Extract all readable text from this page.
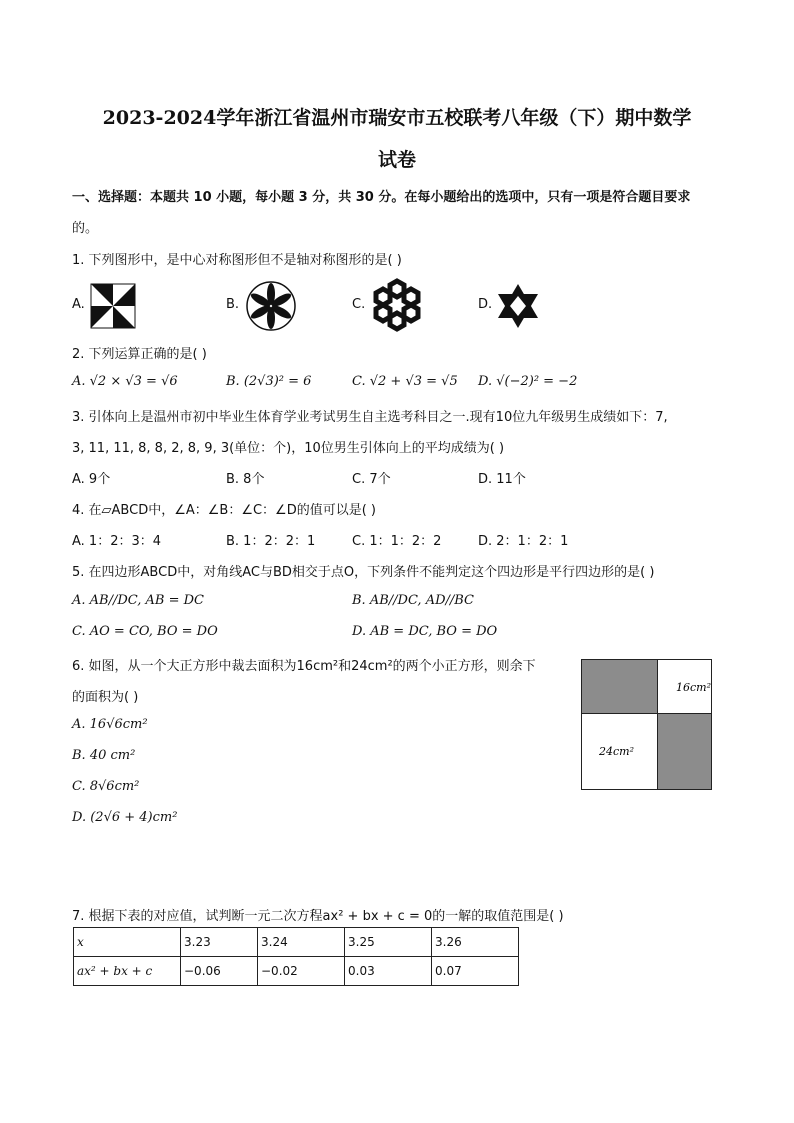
2023-2024学年浙江省温州市瑞安市五校联考八年级（下）期中数学
试卷
一、选择题：本题共 10 小题，每小题 3 分，共 30 分。在每小题给出的选项中，只有一项是符合题目要求
的。
1. 下列图形中，是中心对称图形但不是轴对称图形的是( )
A.	B.	C.	D.
2. 下列运算正确的是( )
A. √2 × √3 = √6	B. (2√3)² = 6	C. √2 + √3 = √5 D. √(−2)² = −2
3. 引体向上是温州市初中毕业生体育学业考试男生自主选考科目之一.现有10位九年级男生成绩如下：7,
3, 11, 11, 8, 8, 2, 8, 9, 3(单位：个)，10位男生引体向上的平均成绩为( )
A. 9个	B. 8个	C. 7个	D. 11个
4. 在▱ABCD中，∠A：∠B：∠C：∠D的值可以是( )
A. 1：2：3：4	B. 1：2：2：1	C. 1：1：2：2	D. 2：1：2：1
5. 在四边形ABCD中，对角线AC与BD相交于点O，下列条件不能判定这个四边形是平行四边形的是( )
A. AB//DC, AB = DC	B. AB//DC, AD//BC
C. AO = CO, BO = DO	D. AB = DC, BO = DO
6. 如图，从一个大正方形中裁去面积为16cm²和24cm²的两个小正方形，则余下
的面积为( )
A. 16√6cm²
B. 40 cm²
C. 8√6cm²
D. (2√6 + 4)cm²
16cm²
24cm²
7. 根据下表的对应值，试判断一元二次方程ax² + bx + c = 0的一解的取值范围是( )
x	3.23	3.24	3.25	3.26
ax² + bx + c	−0.06	−0.02	0.03	0.07
